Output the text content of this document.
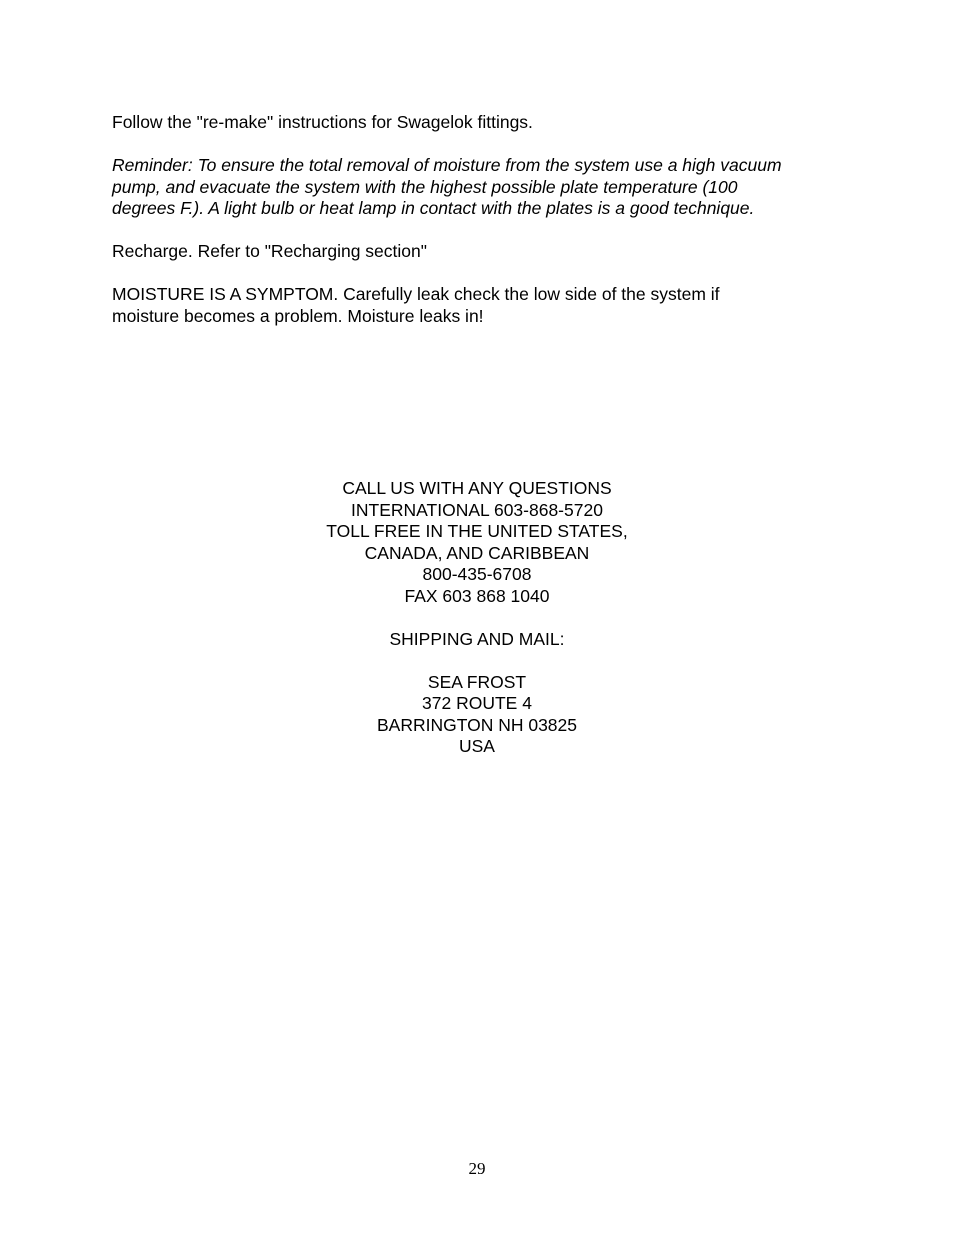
Follow the "re-make" instructions for Swagelok fittings.

Reminder: To ensure the total removal of moisture from the system use a high vacuum
pump, and evacuate the system with the highest possible plate temperature (100
degrees F.). A light bulb or heat lamp in contact with the plates is a good technique.

Recharge. Refer to "Recharging section"

MOISTURE IS A SYMPTOM. Carefully leak check the low side of the system if
moisture becomes a problem. Moisture leaks in!

CALL US WITH ANY QUESTIONS
INTERNATIONAL 603-868-5720
TOLL FREE IN THE UNITED STATES,
CANADA, AND CARIBBEAN
800-435-6708
FAX 603 868 1040
SHIPPING AND MAIL:
SEA FROST
372 ROUTE 4
BARRINGTON NH 03825
USA
29
